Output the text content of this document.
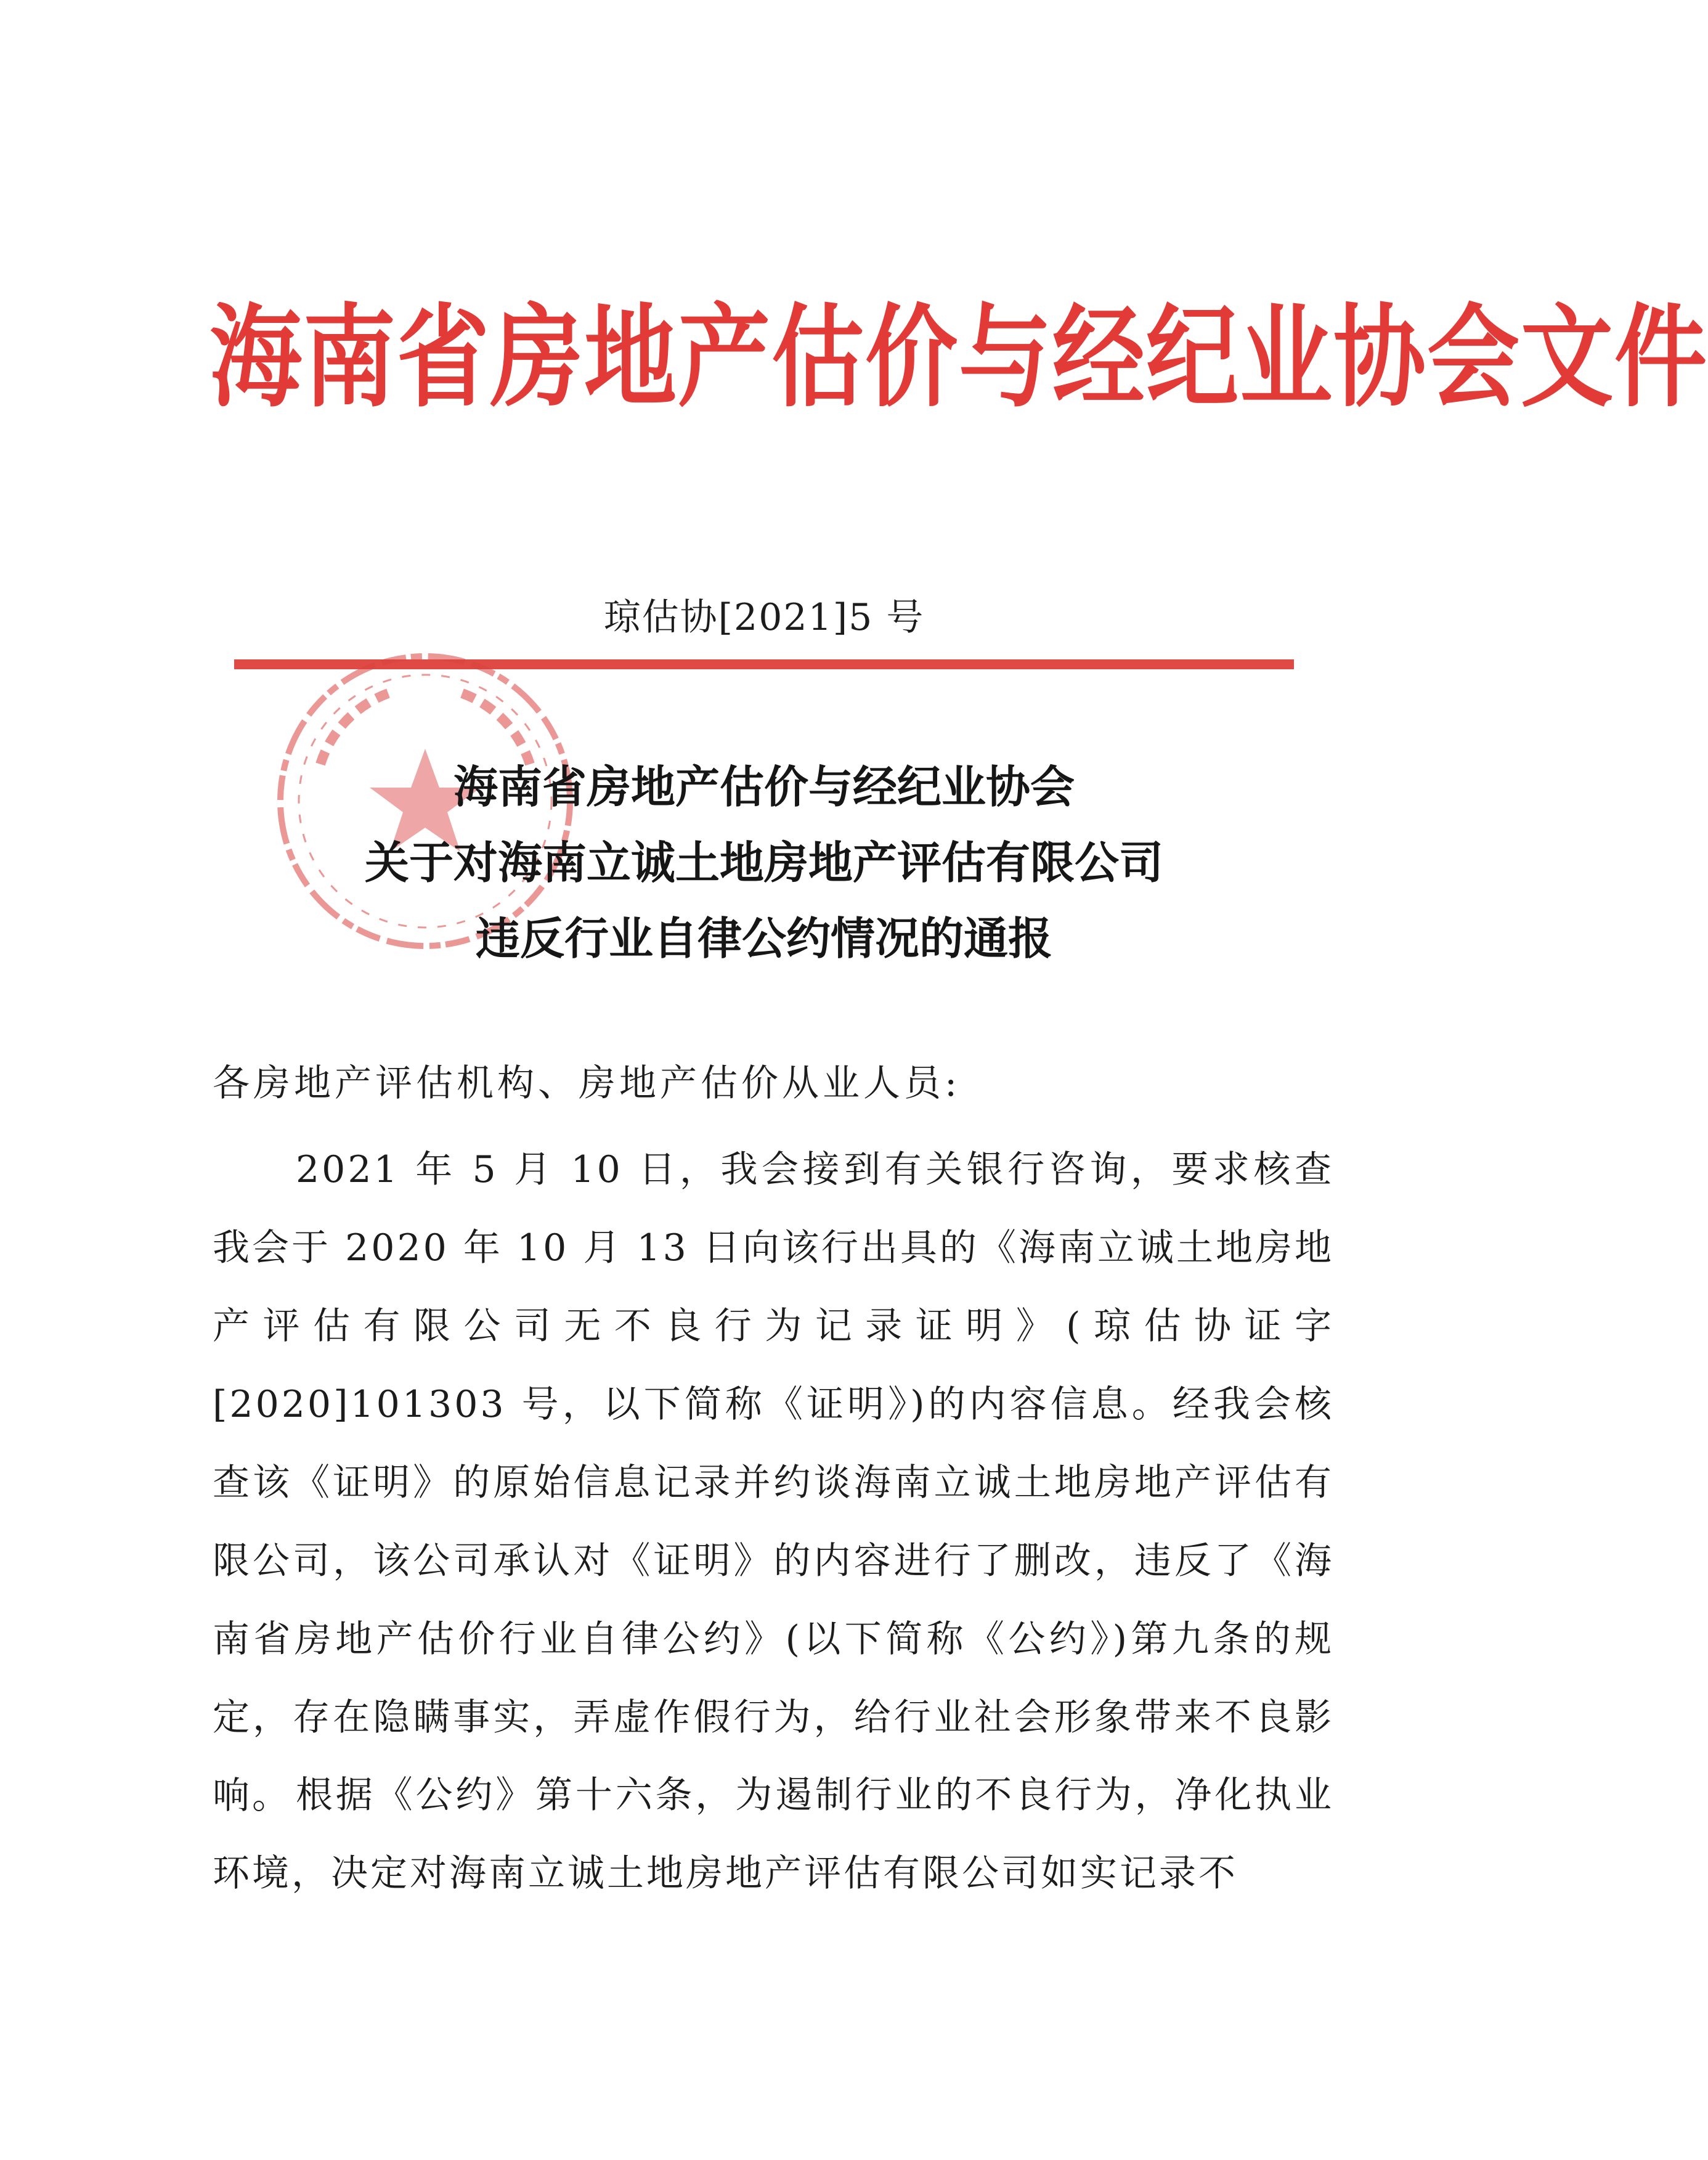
海南省房地产估价与经纪业协会文件
琼估协[2021]5 号
海南省房地产估价与经纪业协会
关于对海南立诚土地房地产评估有限公司
违反行业自律公约情况的通报
各房地产评估机构、房地产估价从业人员:
2021 年 5 月 10 日，我会接到有关银行咨询，要求核查我会于 2020 年 10 月 13 日向该行出具的《海南立诚土地房地产评估有限公司无不良行为记录证明》(琼估协证字[2020]101303 号，以下简称《证明》)的内容信息。经我会核查该《证明》的原始信息记录并约谈海南立诚土地房地产评估有限公司，该公司承认对《证明》的内容进行了删改，违反了《海南省房地产估价行业自律公约》(以下简称《公约》)第九条的规定，存在隐瞒事实，弄虚作假行为，给行业社会形象带来不良影响。 根据《公约》第十六条，为遏制行业的不良行为，净化执业环境，决定对海南立诚土地房地产评估有限公司如实记录不
